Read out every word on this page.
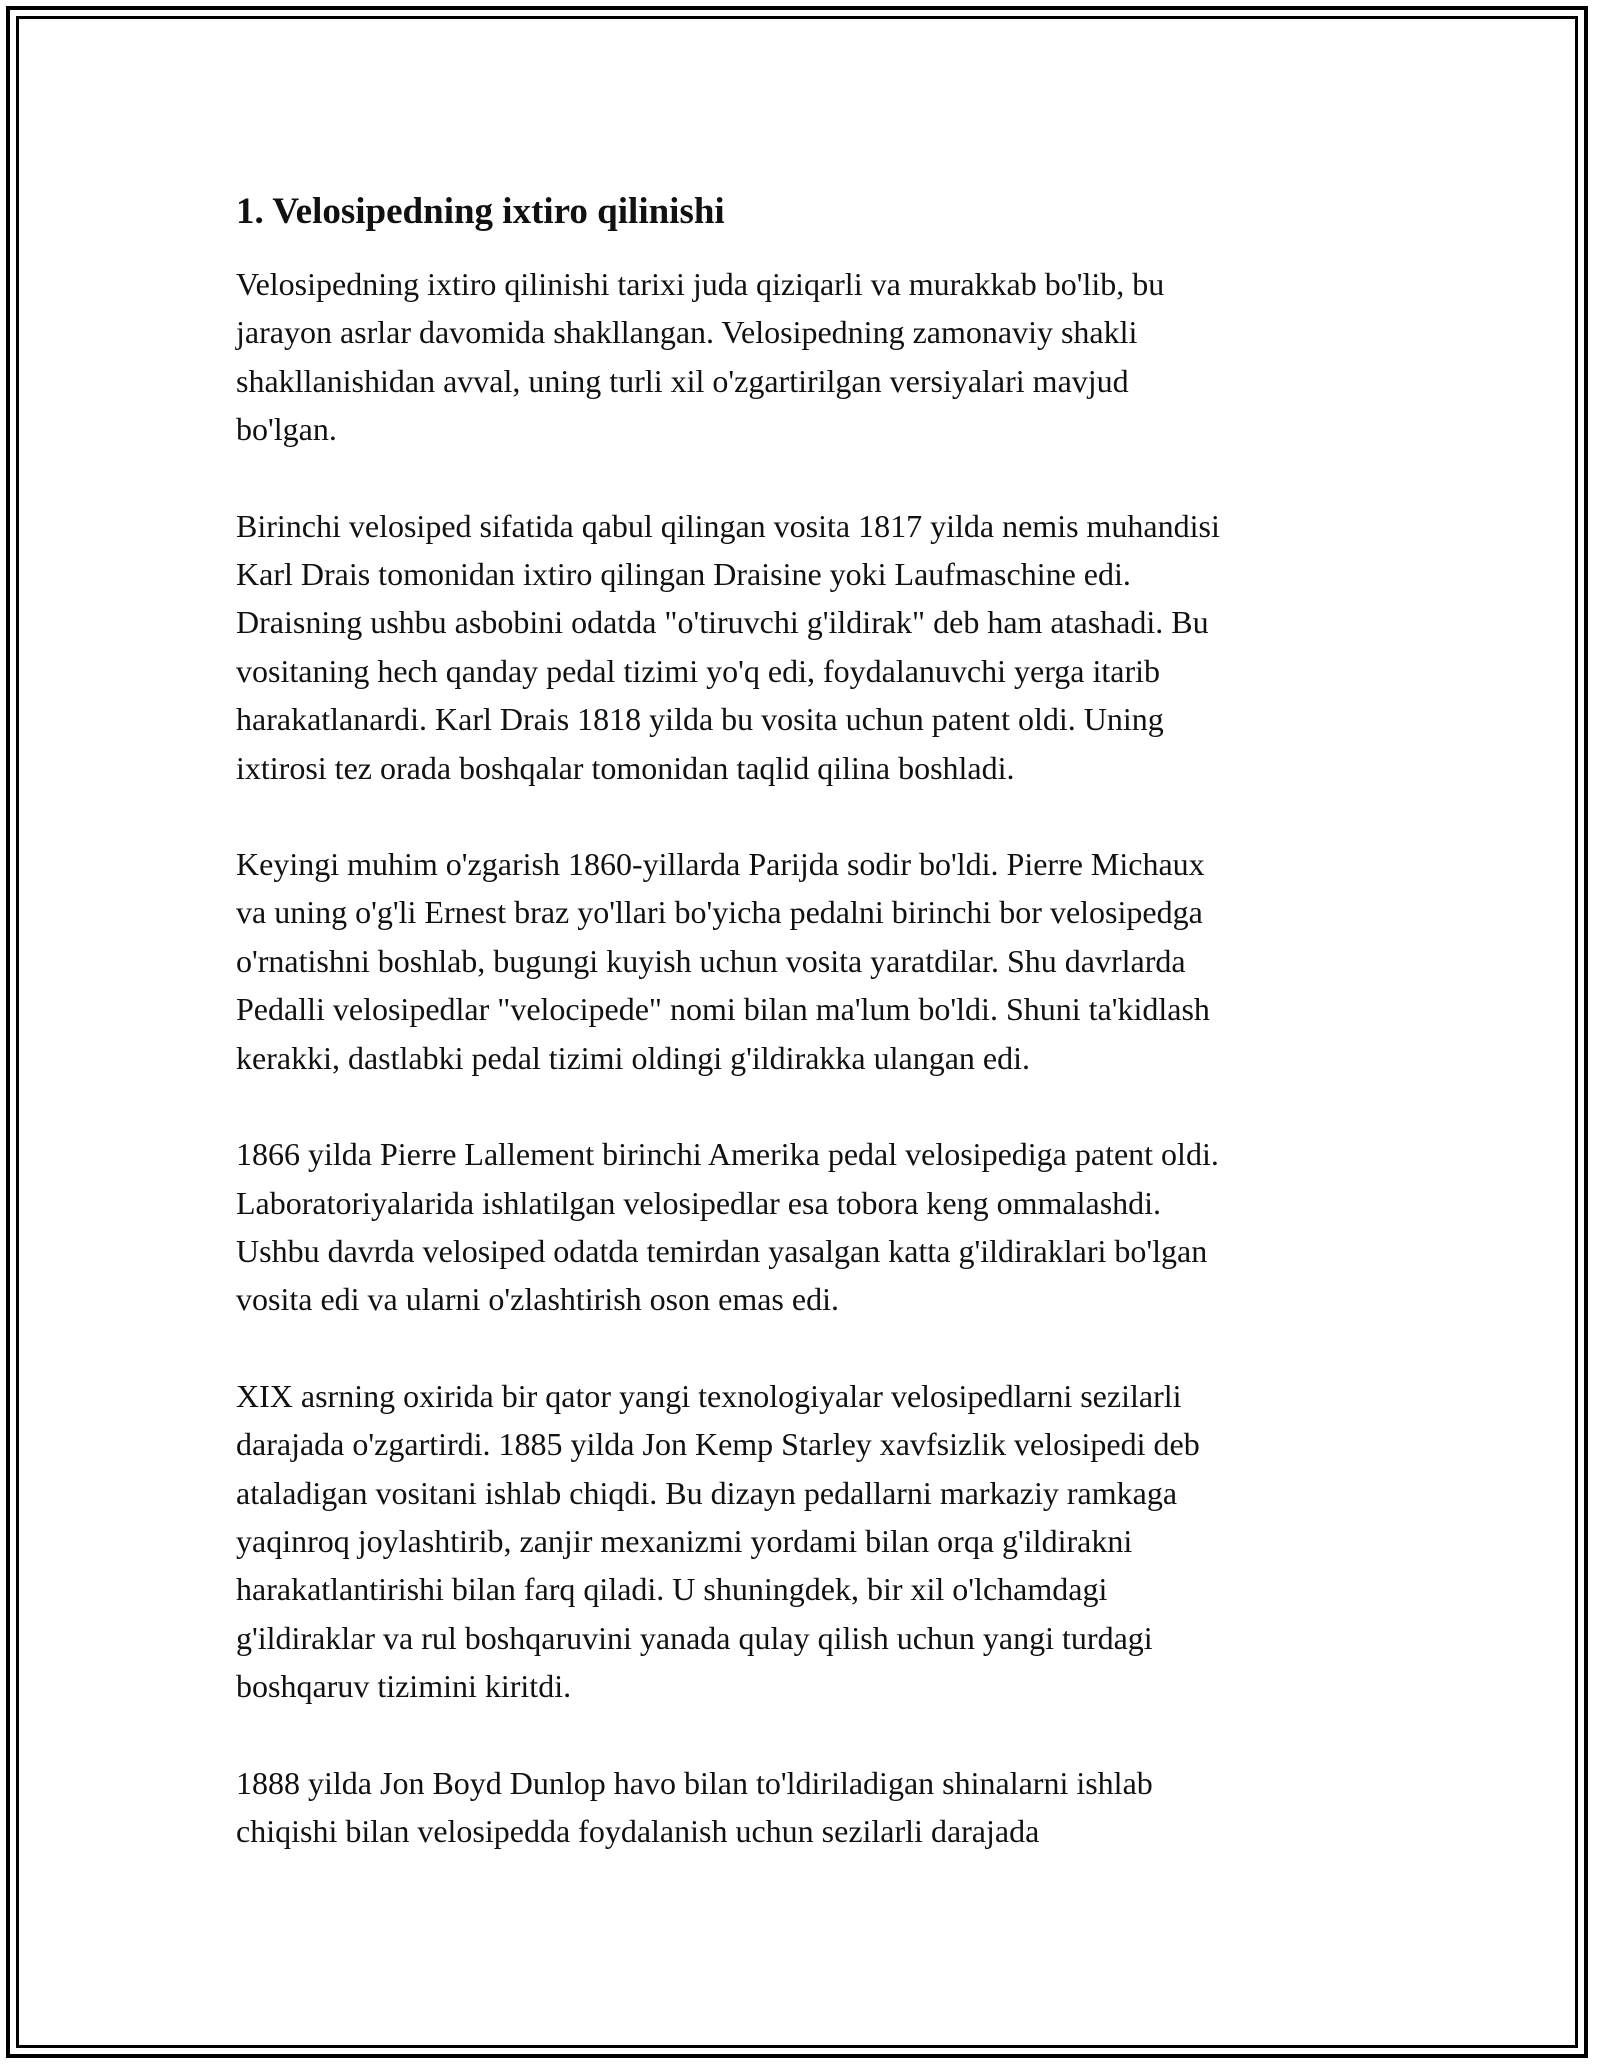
1. Velosipedning ixtiro qilinishi

Velosipedning ixtiro qilinishi tarixi juda qiziqarli va murakkab bo'lib, bu
jarayon asrlar davomida shakllangan. Velosipedning zamonaviy shakli
shakllanishidan avval, uning turli xil o'zgartirilgan versiyalari mavjud
bo'lgan.

Birinchi velosiped sifatida qabul qilingan vosita 1817 yilda nemis muhandisi
Karl Drais tomonidan ixtiro qilingan Draisine yoki Laufmaschine edi.
Draisning ushbu asbobini odatda "o'tiruvchi g'ildirak" deb ham atashadi. Bu
vositaning hech qanday pedal tizimi yo'q edi, foydalanuvchi yerga itarib
harakatlanardi. Karl Drais 1818 yilda bu vosita uchun patent oldi. Uning
ixtirosi tez orada boshqalar tomonidan taqlid qilina boshladi.

Keyingi muhim o'zgarish 1860-yillarda Parijda sodir bo'ldi. Pierre Michaux
va uning o'g'li Ernest braz yo'llari bo'yicha pedalni birinchi bor velosipedga
o'rnatishni boshlab, bugungi kuyish uchun vosita yaratdilar. Shu davrlarda
Pedalli velosipedlar "velocipede" nomi bilan ma'lum bo'ldi. Shuni ta'kidlash
kerakki, dastlabki pedal tizimi oldingi g'ildirakka ulangan edi.

1866 yilda Pierre Lallement birinchi Amerika pedal velosipediga patent oldi.
Laboratoriyalarida ishlatilgan velosipedlar esa tobora keng ommalashdi.
Ushbu davrda velosiped odatda temirdan yasalgan katta g'ildiraklari bo'lgan
vosita edi va ularni o'zlashtirish oson emas edi.

XIX asrning oxirida bir qator yangi texnologiyalar velosipedlarni sezilarli
darajada o'zgartirdi. 1885 yilda Jon Kemp Starley xavfsizlik velosipedi deb
ataladigan vositani ishlab chiqdi. Bu dizayn pedallarni markaziy ramkaga
yaqinroq joylashtirib, zanjir mexanizmi yordami bilan orqa g'ildirakni
harakatlantirishi bilan farq qiladi. U shuningdek, bir xil o'lchamdagi
g'ildiraklar va rul boshqaruvini yanada qulay qilish uchun yangi turdagi
boshqaruv tizimini kiritdi.

1888 yilda Jon Boyd Dunlop havo bilan to'ldiriladigan shinalarni ishlab
chiqishi bilan velosipedda foydalanish uchun sezilarli darajada
